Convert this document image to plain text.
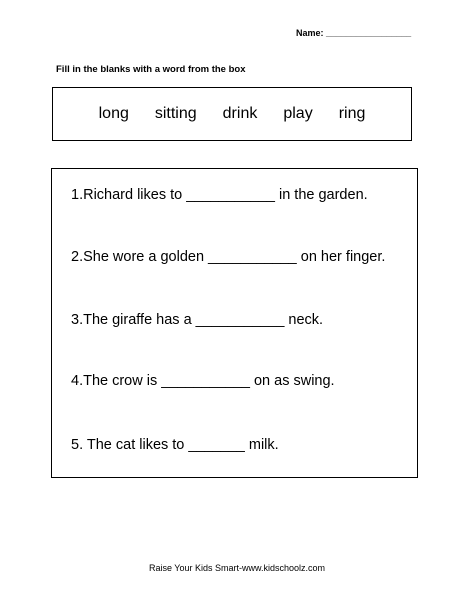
Name: _________________
Fill in the blanks with a word from the box
long sitting drink play ring
1.Richard likes to ___________ in the garden.
2.She wore a golden ___________ on her finger.
3.The giraffe has a ___________ neck.
4.The crow is ___________ on as swing.
5. The cat likes to _______ milk.
Raise Your Kids Smart-www.kidschoolz.com
